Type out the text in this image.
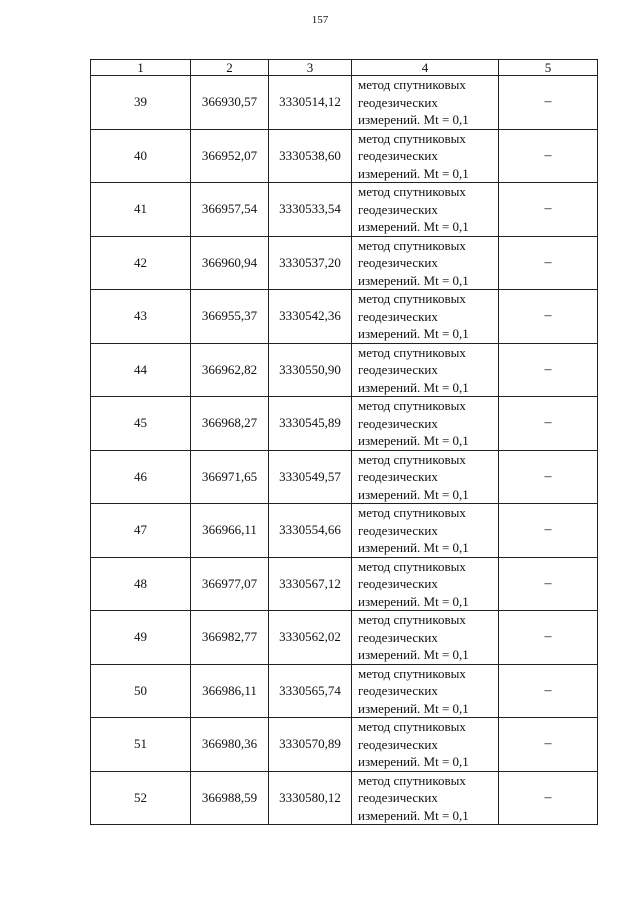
157
1	2	3	4	5
39	366930,57	3330514,12	метод спутниковых
геодезических
измерений. Mt = 0,1	–
40	366952,07	3330538,60	метод спутниковых
геодезических
измерений. Mt = 0,1	–
41	366957,54	3330533,54	метод спутниковых
геодезических
измерений. Mt = 0,1	–
42	366960,94	3330537,20	метод спутниковых
геодезических
измерений. Mt = 0,1	–
43	366955,37	3330542,36	метод спутниковых
геодезических
измерений. Mt = 0,1	–
44	366962,82	3330550,90	метод спутниковых
геодезических
измерений. Mt = 0,1	–
45	366968,27	3330545,89	метод спутниковых
геодезических
измерений. Mt = 0,1	–
46	366971,65	3330549,57	метод спутниковых
геодезических
измерений. Mt = 0,1	–
47	366966,11	3330554,66	метод спутниковых
геодезических
измерений. Mt = 0,1	–
48	366977,07	3330567,12	метод спутниковых
геодезических
измерений. Mt = 0,1	–
49	366982,77	3330562,02	метод спутниковых
геодезических
измерений. Mt = 0,1	–
50	366986,11	3330565,74	метод спутниковых
геодезических
измерений. Mt = 0,1	–
51	366980,36	3330570,89	метод спутниковых
геодезических
измерений. Mt = 0,1	–
52	366988,59	3330580,12	метод спутниковых
геодезических
измерений. Mt = 0,1	–
